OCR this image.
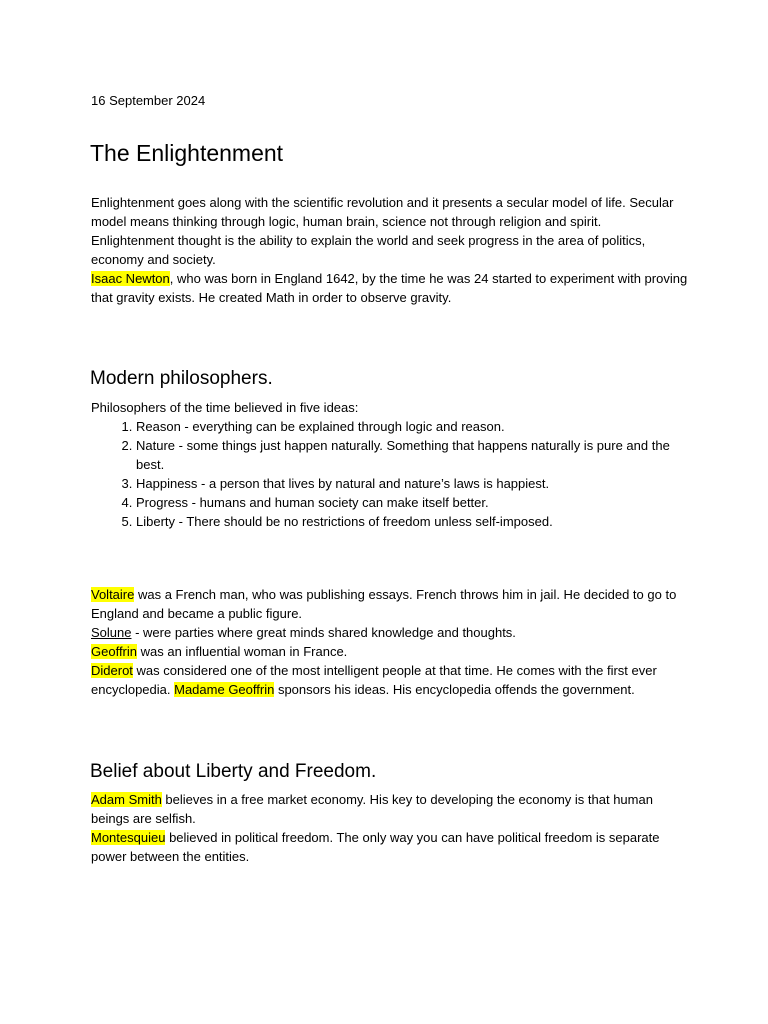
16 September 2024
The Enlightenment

Enlightenment goes along with the scientific revolution and it presents a secular model of life. Secular model means thinking through logic, human brain, science not through religion and spirit.

Enlightenment thought is the ability to explain the world and seek progress in the area of politics, economy and society.

Isaac Newton, who was born in England 1642, by the time he was 24 started to experiment with proving that gravity exists. He created Math in order to observe gravity.

Modern philosophers.

Philosophers of the time believed in five ideas:

1. Reason - everything can be explained through logic and reason.
2. Nature - some things just happen naturally. Something that happens naturally is pure and the best.
3. Happiness - a person that lives by natural and nature’s laws is happiest.
4. Progress - humans and human society can make itself better.
5. Liberty - There should be no restrictions of freedom unless self-imposed.

Voltaire was a French man, who was publishing essays. French throws him in jail. He decided to go to England and became a public figure.

Solune - were parties where great minds shared knowledge and thoughts.

Geoffrin was an influential woman in France.

Diderot was considered one of the most intelligent people at that time. He comes with the first ever encyclopedia. Madame Geoffrin sponsors his ideas. His encyclopedia offends the government.

Belief about Liberty and Freedom.

Adam Smith believes in a free market economy. His key to developing the economy is that human beings are selfish.

Montesquieu believed in political freedom. The only way you can have political freedom is separate power between the entities.
